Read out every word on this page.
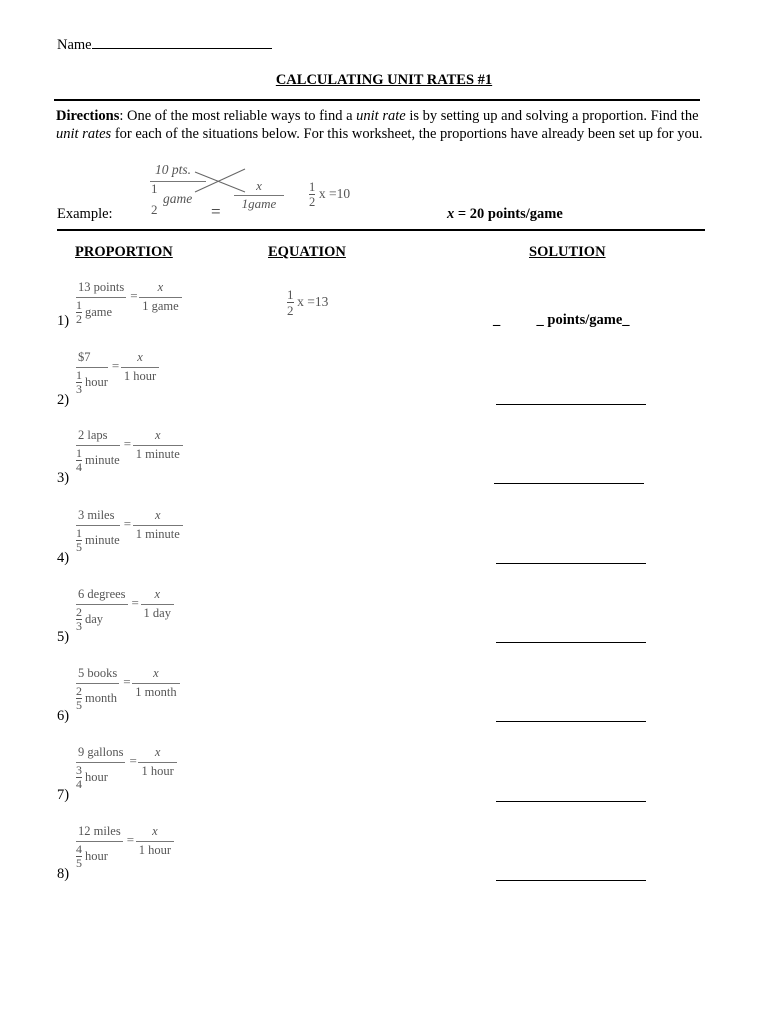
Name
CALCULATING UNIT RATES #1
Directions: One of the most reliable ways to find a unit rate is by setting up and solving a proportion. Find the unit rates for each of the situations below. For this worksheet, the proportions have already been set up for you.
Example:
10 pts.
1
2
game
=
x
1game	$\frac{1}{2}$ x =10
x = 20 points/game
PROPORTION	EQUATION	SOLUTION
1)
13 points
$\frac{1}{2}$ game
=
x
1 game	$\frac{1}{2}$ x =13
_          _ points/game_
2)
$7
$\frac{1}{3}$ hour
=
x
1 hour
3)
2 laps
$\frac{1}{4}$ minute
=
x
1 minute
4)
3 miles
$\frac{1}{5}$ minute
=
x
1 minute
5)
6 degrees
$\frac{2}{3}$ day
=
x
1 day
6)
5 books
$\frac{2}{5}$ month
=
x
1 month
7)
9 gallons
$\frac{3}{4}$ hour
=
x
1 hour
8)
12 miles
$\frac{4}{5}$ hour
=
x
1 hour
